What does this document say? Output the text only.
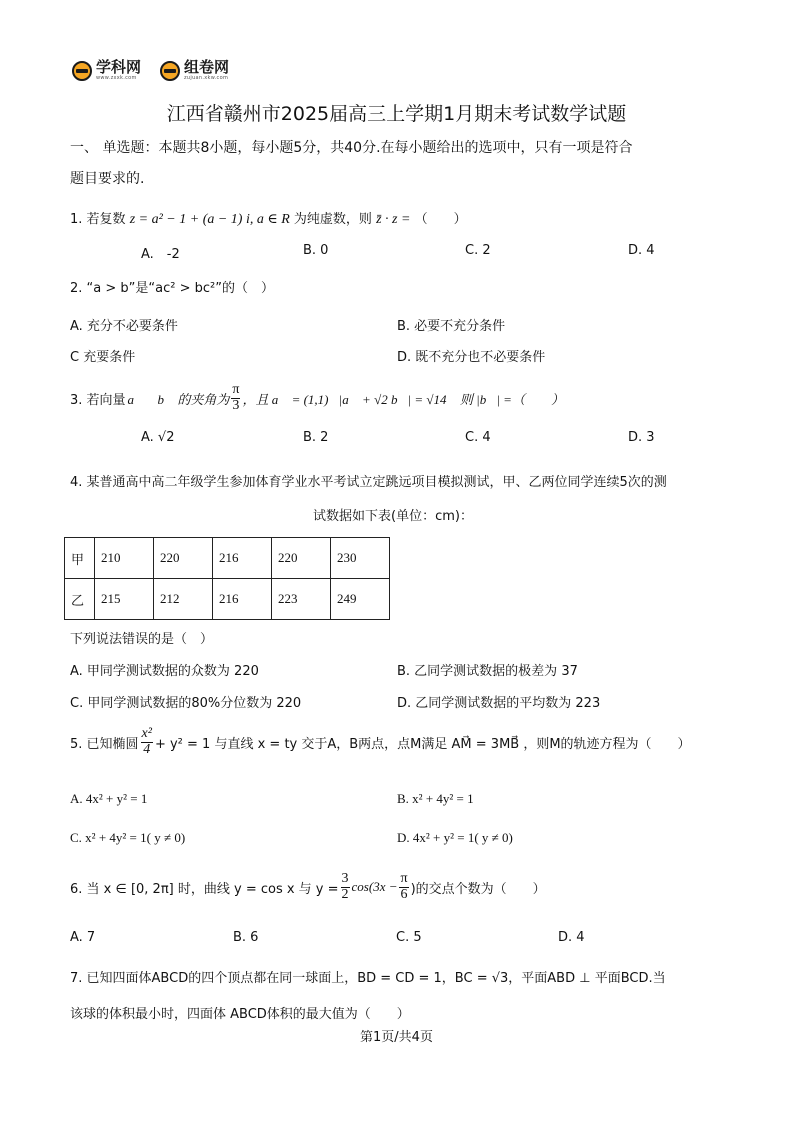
学科网
www.zxxk.com
组卷网
zujuan.xkw.com
江西省赣州市2025届高三上学期1月期末考试数学试题
一、 单选题：本题共8小题，每小题5分，共40分.在每小题给出的选项中，只有一项是符合
题目要求的.
1. 若复数 z = a² − 1 + (a − 1) i, a ∈ R 为纯虚数，则 z̄ · z = （　　）
A.　-2	B. 0	C. 2	D. 4
2. “a > b”是“ac² > bc²”的（　）
A. 充分不必要条件	B. 必要不充分条件
C 充要条件	D. 既不充分也不必要条件
3. 若向量 a⃗ ，b⃗ 的夹角为 $\frac{\pi}{3}$ ，且 a⃗ = (1,1)，|a⃗ + √2 b⃗| = √14 ，则 |b⃗| =（　　）
A. √2	B. 2	C. 4	D. 3
4. 某普通高中高二年级学生参加体育学业水平考试立定跳远项目模拟测试，甲、乙两位同学连续5次的测
试数据如下表(单位：cm)：
甲	210	220	216	220	230
乙	215	212	216	223	249
下列说法错误的是（　）
A. 甲同学测试数据的众数为 220	B. 乙同学测试数据的极差为 37
C. 甲同学测试数据的80%分位数为 220	D. 乙同学测试数据的平均数为 223
5. 已知椭圆 $\frac{\text{x²}}{4} + y^2 = 1$ 与直线 x = ty 交于A，B两点，点M满足 AM⃗ = 3MB⃗ ，则M的轨迹方程为（　　）
A. 4x² + y² = 1	B. x² + 4y² = 1
C. x² + 4y² = 1( y ≠ 0)	D. 4x² + y² = 1( y ≠ 0)
6. 当 x ∈ [0, 2π] 时，曲线 y = cos x 与 $y = \frac{3}{2} \cos(3x - \frac{\pi}{6}$ )的交点个数为（　　）
A. 7	B. 6	C. 5	D. 4
7. 已知四面体ABCD的四个顶点都在同一球面上，BD = CD = 1，BC = √3，平面ABD ⊥ 平面BCD.当
该球的体积最小时，四面体 ABCD体积的最大值为（　　）
第1页/共4页
